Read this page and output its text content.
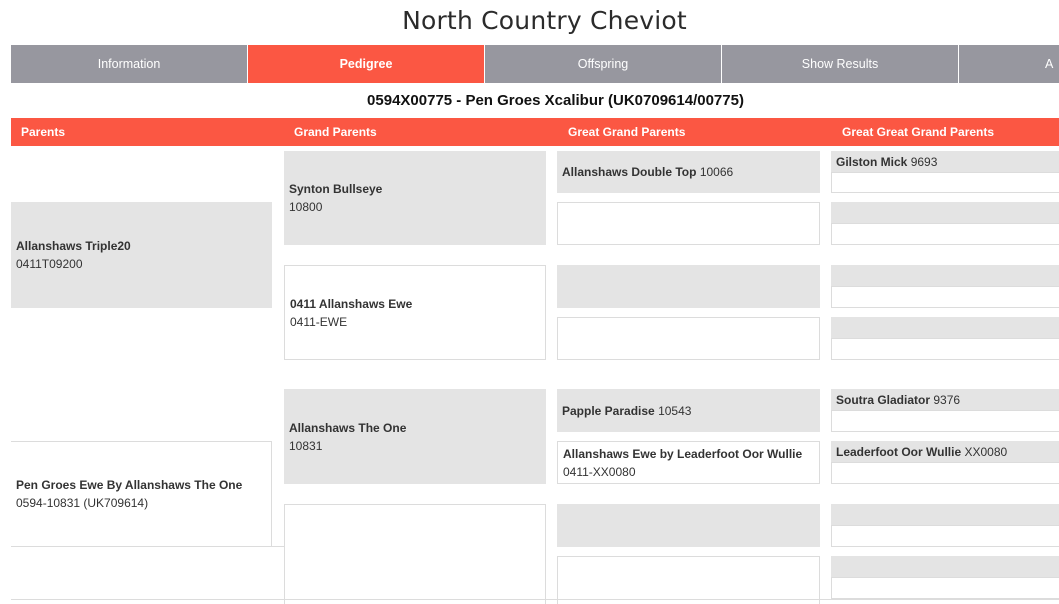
North Country Cheviot
Information	Pedigree	Offspring	Show Results	A
0594X00775 - Pen Groes Xcalibur (UK0709614/00775)
Parents	Grand Parents	Great Grand Parents	Great Great Grand Parents
Allanshaws Triple20
0411T09200
Pen Groes Ewe By Allanshaws The One
0594-10831 (UK709614)
Synton Bullseye
10800
0411 Allanshaws Ewe
0411-EWE
Allanshaws The One
10831
Allanshaws Double Top 10066
Papple Paradise 10543
Allanshaws Ewe by Leaderfoot Oor Wullie
0411-XX0080
Gilston Mick 9693
Soutra Gladiator 9376
Leaderfoot Oor Wullie XX0080
